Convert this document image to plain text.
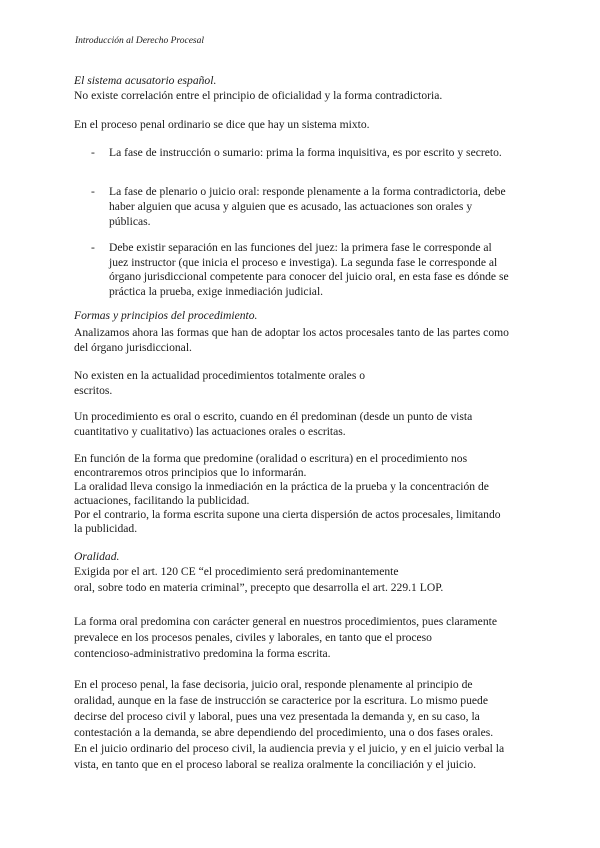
Introducción al Derecho Procesal
El sistema acusatorio español.
No existe correlación entre el principio de oficialidad y la forma contradictoria.
En el proceso penal ordinario se dice que hay un sistema mixto.
- La fase de instrucción o sumario: prima la forma inquisitiva, es por escrito y secreto.
- La fase de plenario o juicio oral: responde plenamente a la forma contradictoria, debe
haber alguien que acusa y alguien que es acusado, las actuaciones son orales y
públicas.
- Debe existir separación en las funciones del juez: la primera fase le corresponde al
juez instructor (que inicia el proceso e investiga). La segunda fase le corresponde al
órgano jurisdiccional competente para conocer del juicio oral, en esta fase es dónde se
práctica la prueba, exige inmediación judicial.
Formas y principios del procedimiento.
Analizamos ahora las formas que han de adoptar los actos procesales tanto de las partes como
del órgano jurisdiccional.
No existen en la actualidad procedimientos totalmente orales o
escritos.
Un procedimiento es oral o escrito, cuando en él predominan (desde un punto de vista
cuantitativo y cualitativo) las actuaciones orales o escritas.
En función de la forma que predomine (oralidad o escritura) en el procedimiento nos
encontraremos otros principios que lo informarán.
La oralidad lleva consigo la inmediación en la práctica de la prueba y la concentración de
actuaciones, facilitando la publicidad.
Por el contrario, la forma escrita supone una cierta dispersión de actos procesales, limitando
la publicidad.
Oralidad.
Exigida por el art. 120 CE “el procedimiento será predominantemente
oral, sobre todo en materia criminal”, precepto que desarrolla el art. 229.1 LOP.
La forma oral predomina con carácter general en nuestros procedimientos, pues claramente
prevalece en los procesos penales, civiles y laborales, en tanto que el proceso
contencioso-administrativo predomina la forma escrita.
En el proceso penal, la fase decisoria, juicio oral, responde plenamente al principio de
oralidad, aunque en la fase de instrucción se caracterice por la escritura. Lo mismo puede
decirse del proceso civil y laboral, pues una vez presentada la demanda y, en su caso, la
contestación a la demanda, se abre dependiendo del procedimiento, una o dos fases orales.
En el juicio ordinario del proceso civil, la audiencia previa y el juicio, y en el juicio verbal la
vista, en tanto que en el proceso laboral se realiza oralmente la conciliación y el juicio.
